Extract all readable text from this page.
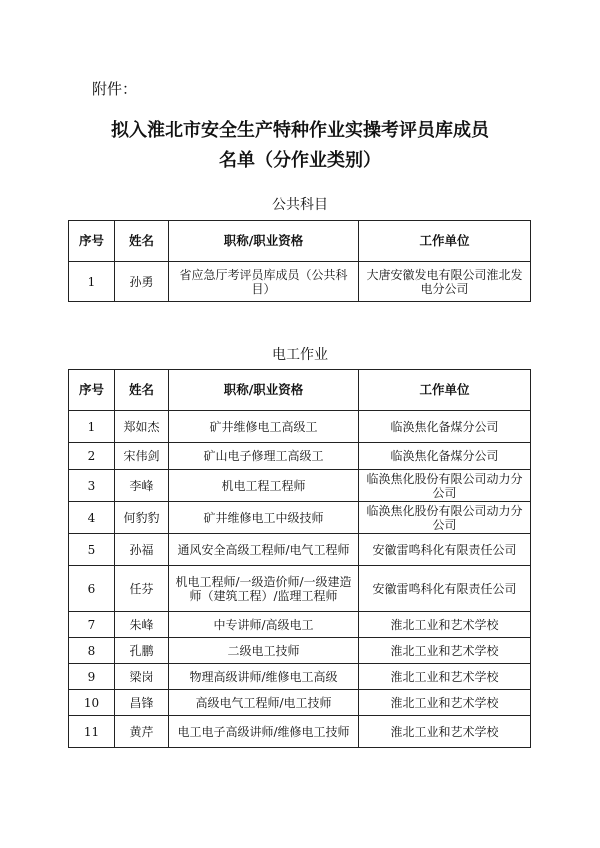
附件：
拟入淮北市安全生产特种作业实操考评员库成员
名单（分作业类别）
公共科目
序号	姓名	职称/职业资格	工作单位
1	孙勇	省应急厅考评员库成员（公共科目）	大唐安徽发电有限公司淮北发电分公司
电工作业
序号	姓名	职称/职业资格	工作单位
1	郑如杰	矿井维修电工高级工	临涣焦化备煤分公司
2	宋伟剑	矿山电子修理工高级工	临涣焦化备煤分公司
3	李峰	机电工程工程师	临涣焦化股份有限公司动力分公司
4	何豹豹	矿井维修电工中级技师	临涣焦化股份有限公司动力分公司
5	孙福	通风安全高级工程师/电气工程师	安徽雷鸣科化有限责任公司
6	任芬	机电工程师/一级造价师/一级建造师（建筑工程）/监理工程师	安徽雷鸣科化有限责任公司
7	朱峰	中专讲师/高级电工	淮北工业和艺术学校
8	孔鹏	二级电工技师	淮北工业和艺术学校
9	梁岗	物理高级讲师/维修电工高级	淮北工业和艺术学校
10	昌锋	高级电气工程师/电工技师	淮北工业和艺术学校
11	黄芹	电工电子高级讲师/维修电工技师	淮北工业和艺术学校
